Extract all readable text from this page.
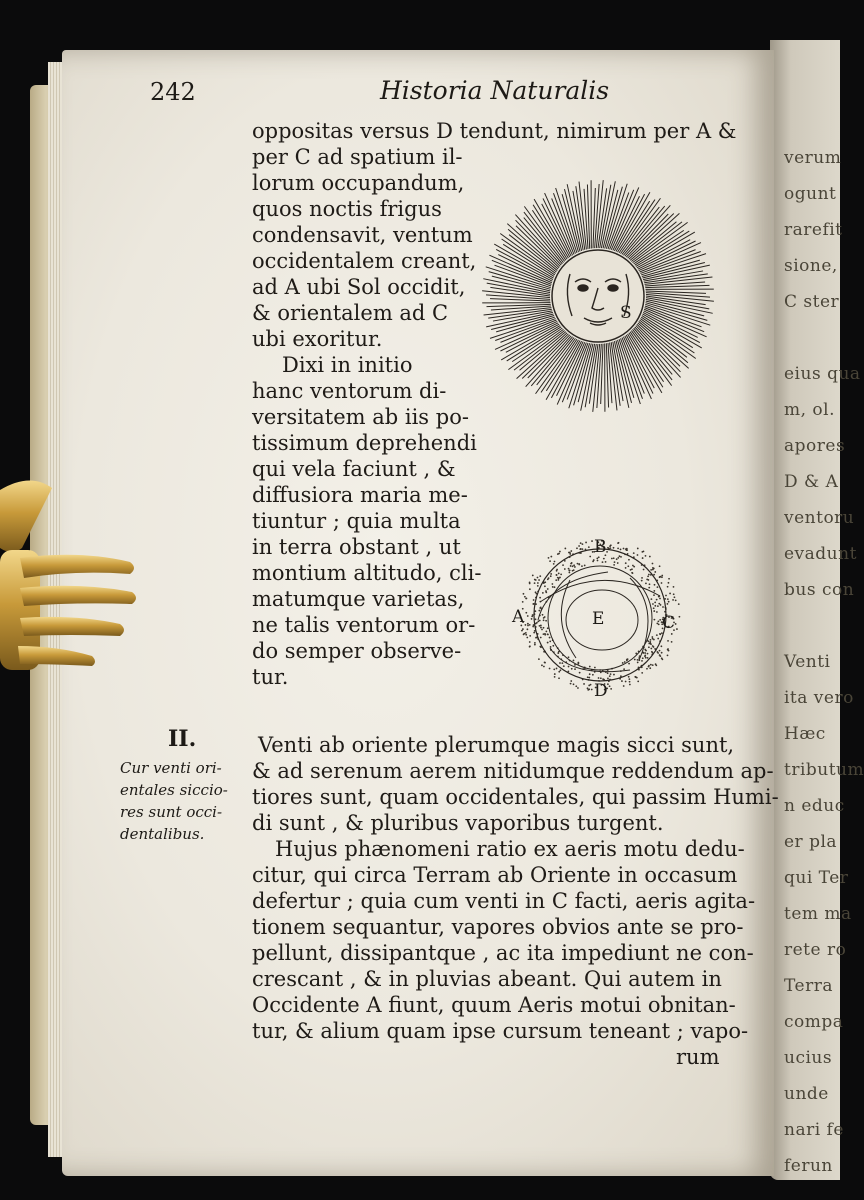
verum
ogunt
rarefit
sione,
C ster
eius qua
m, ol.
apores
D & A
ventoru
evadunt
bus con
Venti
ita vero
Hæc
tributum
n educ
er pla
qui Ter
tem ma
rete ro
Terra
compa
ucius
unde
nari fe
ferun
242	Historia Naturalis
oppositas versus D tendunt, nimirum per A &
per C ad spatium il-
lorum occupandum,
quos noctis frigus
condensavit, ventum
occidentalem creant,
ad A ubi Sol occidit,
& orientalem ad C
ubi exoritur.
Dixi in initio
hanc ventorum di-
versitatem ab iis po-
tissimum deprehendi
qui vela faciunt , &
diffusiora maria me-
tiuntur ; quia multa
in terra obstant , ut
montium altitudo, cli-
matumque varietas,
ne talis ventorum or-
do semper observe-
tur.
Venti ab oriente plerumque magis sicci sunt,
& ad serenum aerem nitidumque reddendum ap-
tiores sunt, quam occidentales, qui passim Humi-
di sunt , & pluribus vaporibus turgent.
Hujus phænomeni ratio ex aeris motu dedu-
citur, qui circa Terram ab Oriente in occasum
defertur ; quia cum venti in C facti, aeris agita-
tionem sequantur, vapores obvios ante se pro-
pellunt, dissipantque , ac ita impediunt ne con-
crescant , & in pluvias abeant. Qui autem in
Occidente A fiunt, quum Aeris motui obnitan-
tur, & alium quam ipse cursum teneant ; vapo-
rum
II.
Cur venti ori-
entales siccio-
res sunt occi-
dentalibus.
S
B
A	E	C
D
